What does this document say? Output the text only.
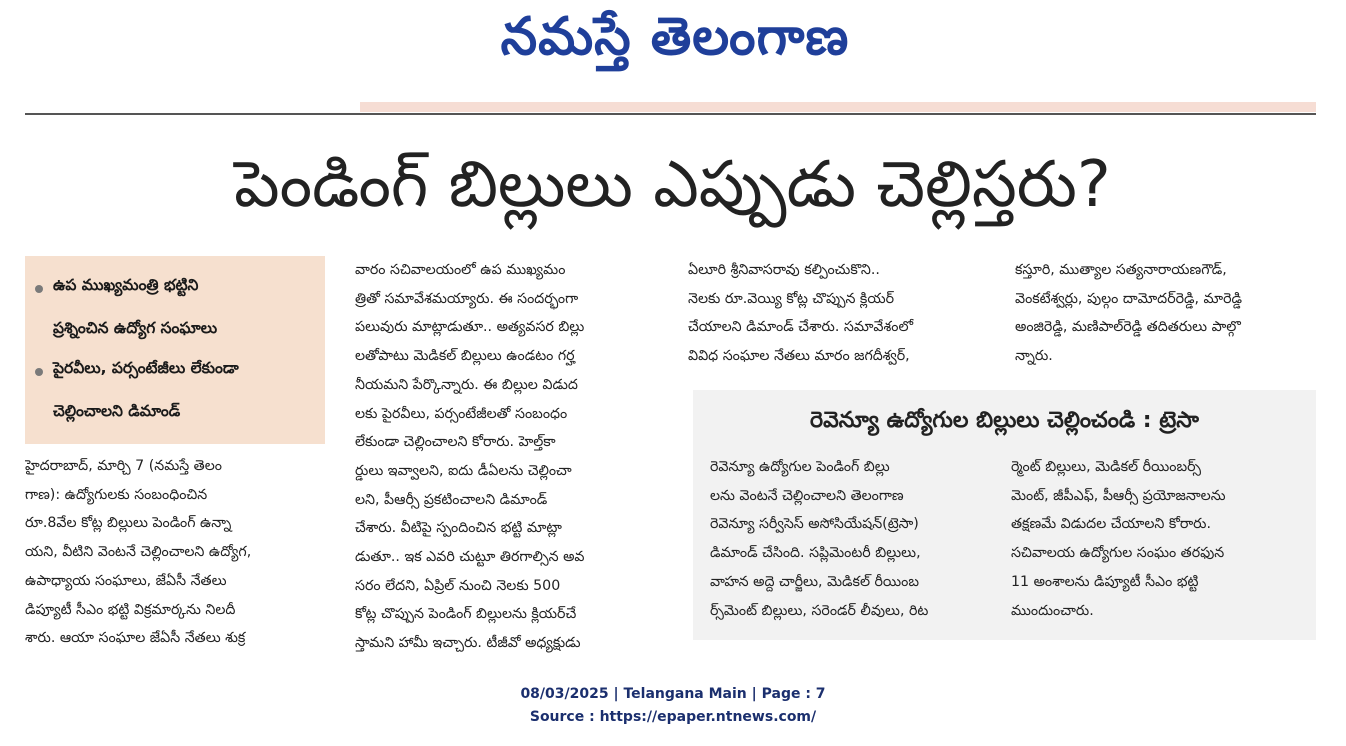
నమస్తే తెలంగాణ
పెండింగ్ బిల్లులు ఎప్పుడు చెల్లిస్తరు?
ఉప ముఖ్యమంత్రి భట్టిని
ప్రశ్నించిన ఉద్యోగ సంఘాలు
పైరవీలు, పర్సంటేజీలు లేకుండా
చెల్లించాలని డిమాండ్

హైదరాబాద్, మార్చి 7 (నమస్తే తెలం

గాణ): ఉద్యోగులకు సంబంధించిన

రూ.8వేల కోట్ల బిల్లులు పెండింగ్ ఉన్నా

యని, వీటిని వెంటనే చెల్లించాలని ఉద్యోగ,

ఉపాధ్యాయ సంఘాలు, జేఏసీ నేతలు

డిప్యూటీ సీఎం భట్టి విక్రమార్కను నిలదీ

శారు. ఆయా సంఘాల జేఏసీ నేతలు శుక్ర

వారం సచివాలయంలో ఉప ముఖ్యమం

త్రితో సమావేశమయ్యారు. ఈ సందర్భంగా

పలువురు మాట్లాడుతూ.. అత్యవసర బిల్లు

లతోపాటు మెడికల్ బిల్లులు ఉండటం గర్హ

నీయమని పేర్కొన్నారు. ఈ బిల్లుల విడుద

లకు పైరవీలు, పర్సంటేజీలతో సంబంధం

లేకుండా చెల్లించాలని కోరారు. హెల్త్‌కా

ర్డులు ఇవ్వాలని, ఐదు డీఏలను చెల్లించా

లని, పీఆర్సీ ప్రకటించాలని డిమాండ్

చేశారు. వీటిపై స్పందించిన భట్టి మాట్లా

డుతూ.. ఇక ఎవరి చుట్టూ తిరగాల్సిన అవ

సరం లేదని, ఏప్రిల్ నుంచి నెలకు 500

కోట్ల చొప్పున పెండింగ్ బిల్లులను క్లియర్‌చే

స్తామని హామీ ఇచ్చారు. టీజీవో అధ్యక్షుడు

ఏలూరి శ్రీనివాసరావు కల్పించుకొని..

నెలకు రూ.వెయ్యి కోట్ల చొప్పున క్లియర్

చేయాలని డిమాండ్ చేశారు. సమావేశంలో

వివిధ సంఘాల నేతలు మారం జగదీశ్వర్,

కస్తూరి, ముత్యాల సత్యనారాయణగౌడ్,

వెంకటేశ్వర్లు, పుల్గం దామోదర్‌రెడ్డి, మారెడ్డి

అంజిరెడ్డి, మణిపాల్‌రెడ్డి తదితరులు పాల్గొ

న్నారు.

రెవెన్యూ ఉద్యోగుల బిల్లులు చెల్లించండి : ట్రెసా

రెవెన్యూ ఉద్యోగుల పెండింగ్ బిల్లు

లను వెంటనే చెల్లించాలని తెలంగాణ

రెవెన్యూ సర్వీసెస్ అసోసియేషన్(ట్రెసా)

డిమాండ్ చేసింది. సప్లిమెంటరీ బిల్లులు,

వాహన అద్దె చార్జీలు, మెడికల్ రీయింబ

ర్స్‌మెంట్ బిల్లులు, సరెండర్ లీవులు, రిట

ర్మెంట్ బిల్లులు, మెడికల్ రీయింబర్స్

మెంట్, జీపీఎఫ్, పీఆర్సీ ప్రయోజనాలను

తక్షణమే విడుదల చేయాలని కోరారు.

సచివాలయ ఉద్యోగుల సంఘం తరఫున

11 అంశాలను డిప్యూటీ సీఎం భట్టి

ముందుంచారు.

08/03/2025 | Telangana Main | Page : 7
Source : https://epaper.ntnews.com/
